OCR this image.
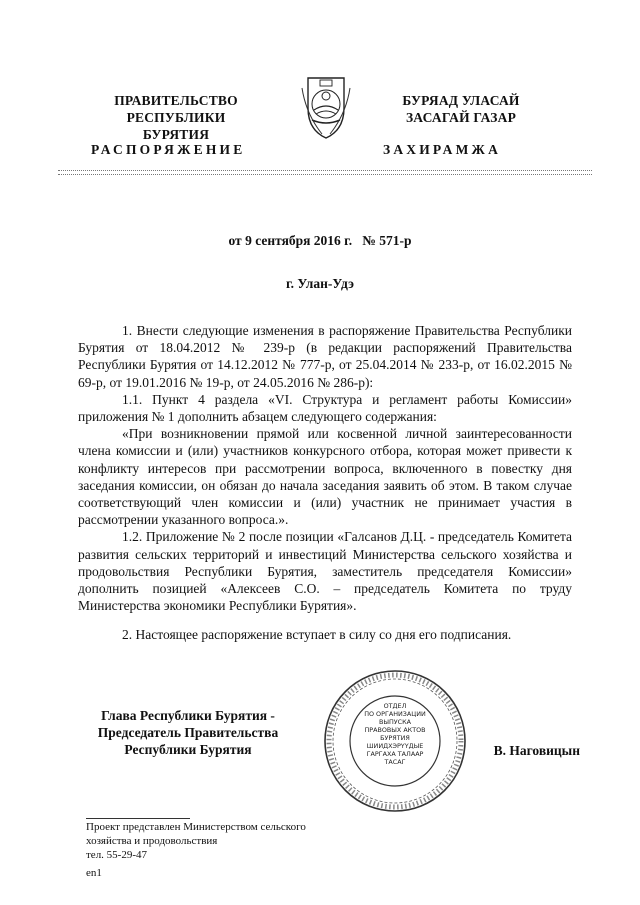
ПРАВИТЕЛЬСТВО
РЕСПУБЛИКИ БУРЯТИЯ
БУРЯАД УЛАСАЙ
ЗАСАГАЙ ГАЗАР
РАСПОРЯЖЕНИЕ	ЗАХИРАМЖА
от 9 сентября 2016 г.   № 571-р
г. Улан-Удэ

1. Внести следующие изменения в распоряжение Правительства Республики Бурятия от 18.04.2012 № 239-р (в редакции распоряжений Правительства Республики Бурятия от 14.12.2012 № 777-р, от 25.04.2014 № 233-р, от 16.02.2015 № 69-р, от 19.01.2016 № 19-р, от 24.05.2016 № 286-р):

1.1. Пункт 4 раздела «VI. Структура и регламент работы Комиссии» приложения № 1 дополнить абзацем следующего содержания:

«При возникновении прямой или косвенной личной заинтересованности члена комиссии и (или) участников конкурсного отбора, которая может привести к конфликту интересов при рассмотрении вопроса, включенного в повестку дня заседания комиссии, он обязан до начала заседания заявить об этом. В таком случае соответствующий член комиссии и (или) участник не принимает участия в рассмотрении указанного вопроса.».

1.2. Приложение № 2 после позиции «Галсанов Д.Ц. - председатель Комитета развития сельских территорий и инвестиций Министерства сельского хозяйства и продовольствия Республики Бурятия, заместитель председателя Комиссии» дополнить позицией «Алексеев С.О. – председатель Комитета по труду Министерства экономики Республики Бурятия».

2. Настоящее распоряжение вступает в силу со дня его подписания.

Глава Республики Бурятия -
Председатель Правительства
Республики Бурятия
ОТДЕЛ
ПО ОРГАНИЗАЦИИ
ВЫПУСКА
ПРАВОВЫХ АКТОВ
БУРЯТИЯ
ШИИДХЭРҮҮДЫЕ
ГАРГАХА ТАЛААР
ТАСАГ
В. Наговицын
Проект представлен Министерством сельского
хозяйства и продовольствия
тел. 55-29-47
en1
